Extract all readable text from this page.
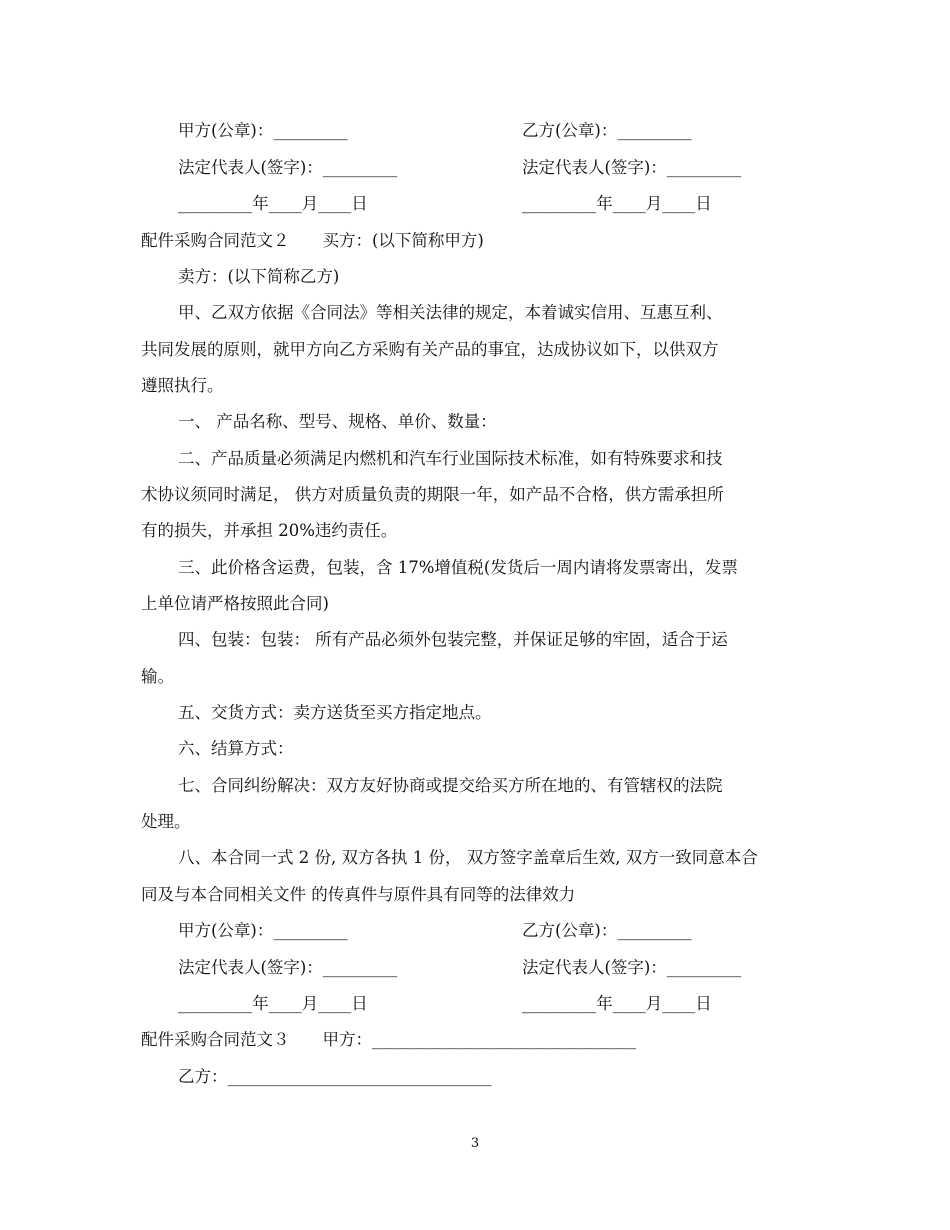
甲方(公章)：_________	乙方(公章)：_________
法定代表人(签字)：_________	法定代表人(签字)：_________
_________年____月____日	_________年____月____日
配件采购合同范文２　　买方：(以下简称甲方)
卖方：(以下简称乙方)
甲、乙双方依据《合同法》等相关法律的规定，本着诚实信用、互惠互利、
共同发展的原则，就甲方向乙方采购有关产品的事宜，达成协议如下，以供双方
遵照执行。
一、 产品名称、型号、规格、单价、数量：
二、产品质量必须满足内燃机和汽车行业国际技术标准，如有特殊要求和技
术协议须同时满足， 供方对质量负责的期限一年，如产品不合格，供方需承担所
有的损失，并承担 20%违约责任。
三、此价格含运费，包装，含 17%增值税(发货后一周内请将发票寄出，发票
上单位请严格按照此合同)
四、包装：包装： 所有产品必须外包装完整，并保证足够的牢固，适合于运
输。
五、交货方式：卖方送货至买方指定地点。
六、结算方式：
七、合同纠纷解决：双方友好协商或提交给买方所在地的、有管辖权的法院
处理。
八、本合同一式 2 份, 双方各执 1 份， 双方签字盖章后生效, 双方一致同意本合
同及与本合同相关文件 的传真件与原件具有同等的法律效力
甲方(公章)：_________	乙方(公章)：_________
法定代表人(签字)：_________	法定代表人(签字)：_________
_________年____月____日	_________年____月____日
配件采购合同范文３　　甲方：________________________________
乙方：________________________________
3
